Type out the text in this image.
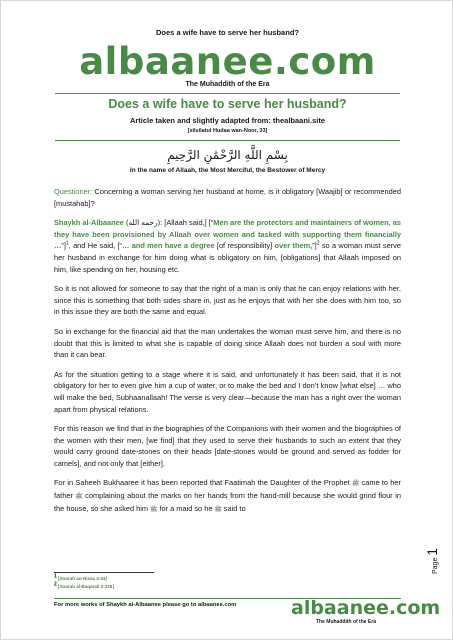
Does a wife have to serve her husband?
albaanee.com
The Muhaddith of the Era
Does a wife have to serve her husband?
Article taken and slightly adapted from: thealbaani.site
[silsilatul Hudaa wan-Noor, 33]
بِسْمِ اللَّهِ الرَّحْمَٰنِ الرَّحِيمِ
In the name of Allaah, the Most Merciful, the Bestower of Mercy

Questioner: Concerning a woman serving her husband at home, is it obligatory [Waajib] or recommended [mustahab]?

Shaykh al-Albaanee (رحمه الله): [Allaah said,] [“Men are the protectors and maintainers of women, as they have been provisioned by Allaah over women and tasked with supporting them financially …”]$^1$, and He said, [“… and men have a degree [of responsibility] over them,”]$^2$ so a woman must serve her husband in exchange for him doing what is obligatory on him, [obligations] that Allaah imposed on him, like spending on her, housing etc.

So it is not allowed for someone to say that the right of a man is only that he can enjoy relations with her, since this is something that both sides share in, just as he enjoys that with her she does with him too, so in this issue they are both the same and equal.

So in exchange for the financial aid that the man undertakes the woman must serve him, and there is no doubt that this is limited to what she is capable of doing since Allaah does not burden a soul with more than it can bear.

As for the situation getting to a stage where it is said, and unfortunately it has been said, that it is not obligatory for her to even give him a cup of water, or to make the bed and I don’t know [what else] … who will make the bed, Subhaanallaah! The verse is very clear—because the man has a right over the woman apart from physical relations.

For this reason we find that in the biographies of the Companions with their women and the biographies of the women with their men, [we find] that they used to serve their husbands to such an extent that they would carry ground date-stones on their heads [date-stones would be ground and served as fodder for camels], and not only that [either].

For in Saheeh Bukhaaree it has been reported that Faatimah the Daughter of the Prophet ﷺ came to her father ﷺ complaining about the marks on her hands from the hand-mill because she would grind flour in the house, so she asked him ﷺ for a maid so he ﷺ said to

$^1$ [Soorah an-Nisaa 4:34]
$^2$ [Soorah al-Baqarah 2:228]
For more works of Shaykh al-Albaanee please go to albaanee.com	albaanee.com
The Muhaddith of the Era
Page 1
